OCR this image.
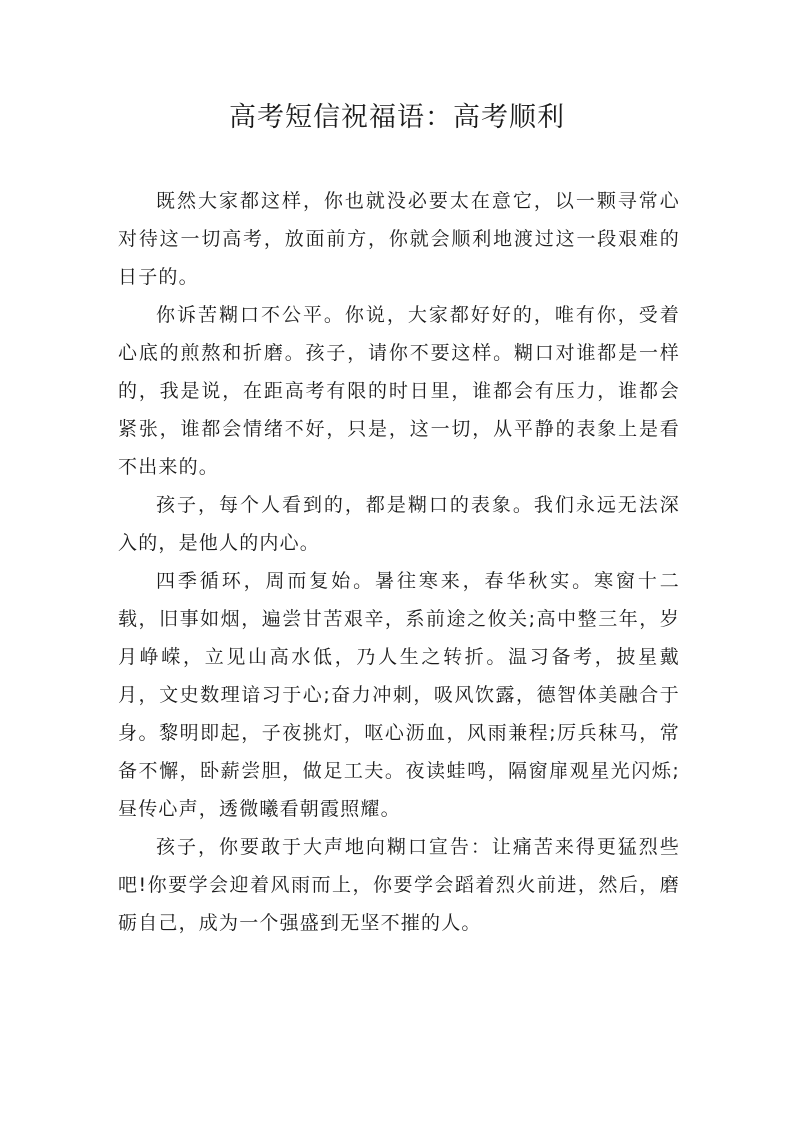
高考短信祝福语：高考顺利

既然大家都这样，你也就没必要太在意它，以一颗寻常心对待这一切高考，放面前方，你就会顺利地渡过这一段艰难的日子的。

你诉苦糊口不公平。你说，大家都好好的，唯有你，受着心底的煎熬和折磨。孩子，请你不要这样。糊口对谁都是一样的，我是说，在距高考有限的时日里，谁都会有压力，谁都会紧张，谁都会情绪不好，只是，这一切，从平静的表象上是看不出来的。

孩子，每个人看到的，都是糊口的表象。我们永远无法深入的，是他人的内心。

四季循环，周而复始。暑往寒来，春华秋实。寒窗十二载，旧事如烟，遍尝甘苦艰辛，系前途之攸关;高中整三年，岁月峥嵘，立见山高水低，乃人生之转折。温习备考，披星戴月，文史数理谙习于心;奋力冲刺，吸风饮露，德智体美融合于身。黎明即起，子夜挑灯，呕心沥血，风雨兼程;厉兵秣马，常备不懈，卧薪尝胆，做足工夫。夜读蛙鸣，隔窗扉观星光闪烁;昼传心声，透微曦看朝霞照耀。

孩子，你要敢于大声地向糊口宣告：让痛苦来得更猛烈些吧!你要学会迎着风雨而上，你要学会蹈着烈火前进，然后，磨砺自己，成为一个强盛到无坚不摧的人。
